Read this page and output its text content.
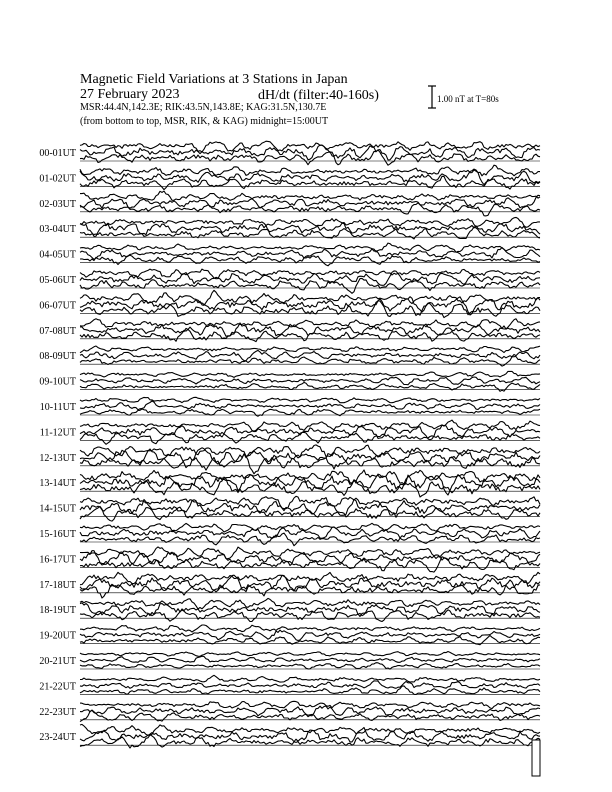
Magnetic Field Variations at 3 Stations in Japan
27 February 2023	dH/dt (filter:40-160s)
MSR:44.4N,142.3E; RIK:43.5N,143.8E; KAG:31.5N,130.7E
(from bottom to top, MSR, RIK, & KAG) midnight=15:00UT
1.00 nT at T=80s
00-01UT
01-02UT
02-03UT
03-04UT
04-05UT
05-06UT
06-07UT
07-08UT
08-09UT
09-10UT
10-11UT
11-12UT
12-13UT
13-14UT
14-15UT
15-16UT
16-17UT
17-18UT
18-19UT
19-20UT
20-21UT
21-22UT
22-23UT
23-24UT
